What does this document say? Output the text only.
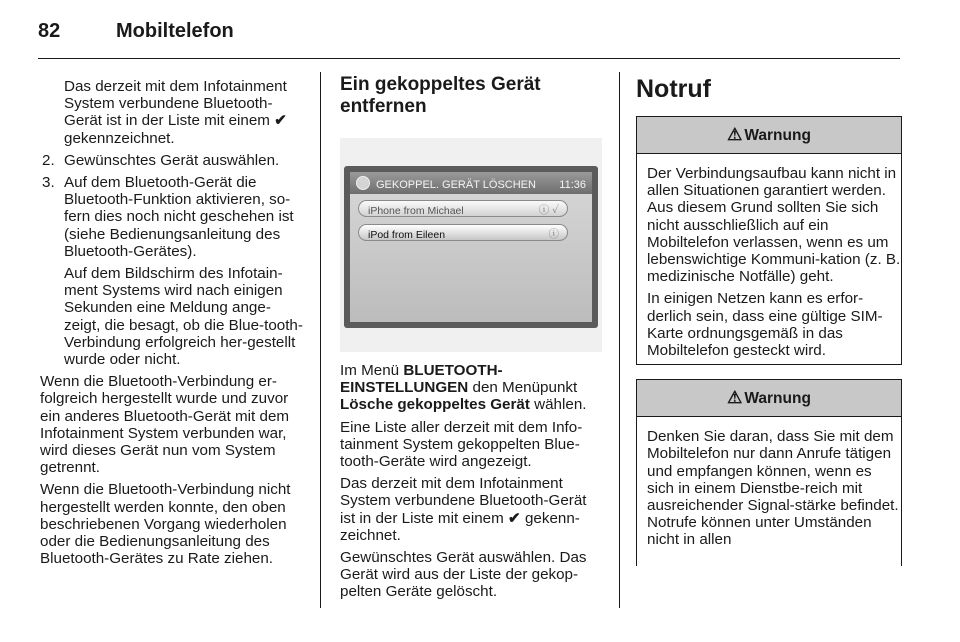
82	Mobiltelefon

Das derzeit mit dem Infotainment System verbundene Bluetooth-Gerät ist in der Liste mit einem ✔ gekennzeichnet.

2. Gewünschtes Gerät auswählen.
3. Auf dem Bluetooth-Gerät die Bluetooth-Funktion aktivieren, so-fern dies noch nicht geschehen ist (siehe Bedienungsanleitung des Bluetooth-Gerätes).

Auf dem Bildschirm des Infotain-ment Systems wird nach einigen Sekunden eine Meldung ange-zeigt, die besagt, ob die Blue-tooth-Verbindung erfolgreich her-gestellt wurde oder nicht.

Wenn die Bluetooth-Verbindung er-folgreich hergestellt wurde und zuvor ein anderes Bluetooth-Gerät mit dem Infotainment System verbunden war, wird dieses Gerät nun vom System getrennt.

Wenn die Bluetooth-Verbindung nicht hergestellt werden konnte, den oben beschriebenen Vorgang wiederholen oder die Bedienungsanleitung des Bluetooth-Gerätes zu Rate ziehen.

Ein gekoppeltes Gerät entfernen
GEKOPPEL. GERÄT LÖSCHEN 11:36
iPhone from Michael	ⓘ ✓
iPod from Eileen	ⓘ

Im Menü BLUETOOTH-EINSTELLUNGEN den Menüpunkt Lösche gekoppeltes Gerät wählen.

Eine Liste aller derzeit mit dem Info-tainment System gekoppelten Blue-tooth-Geräte wird angezeigt.

Das derzeit mit dem Infotainment System verbundene Bluetooth-Gerät ist in der Liste mit einem ✔ gekenn-zeichnet.

Gewünschtes Gerät auswählen. Das Gerät wird aus der Liste der gekop-pelten Geräte gelöscht.

Notruf
⚠ Warnung

Der Verbindungsaufbau kann nicht in allen Situationen garantiert werden. Aus diesem Grund sollten Sie sich nicht ausschließlich auf ein Mobiltelefon verlassen, wenn es um lebenswichtige Kommuni-kation (z. B. medizinische Notfälle) geht.

In einigen Netzen kann es erfor-derlich sein, dass eine gültige SIM-Karte ordnungsgemäß in das Mobiltelefon gesteckt wird.

⚠ Warnung

Denken Sie daran, dass Sie mit dem Mobiltelefon nur dann Anrufe tätigen und empfangen können, wenn es sich in einem Dienstbe-reich mit ausreichender Signal-stärke befindet. Notrufe können unter Umständen nicht in allen
